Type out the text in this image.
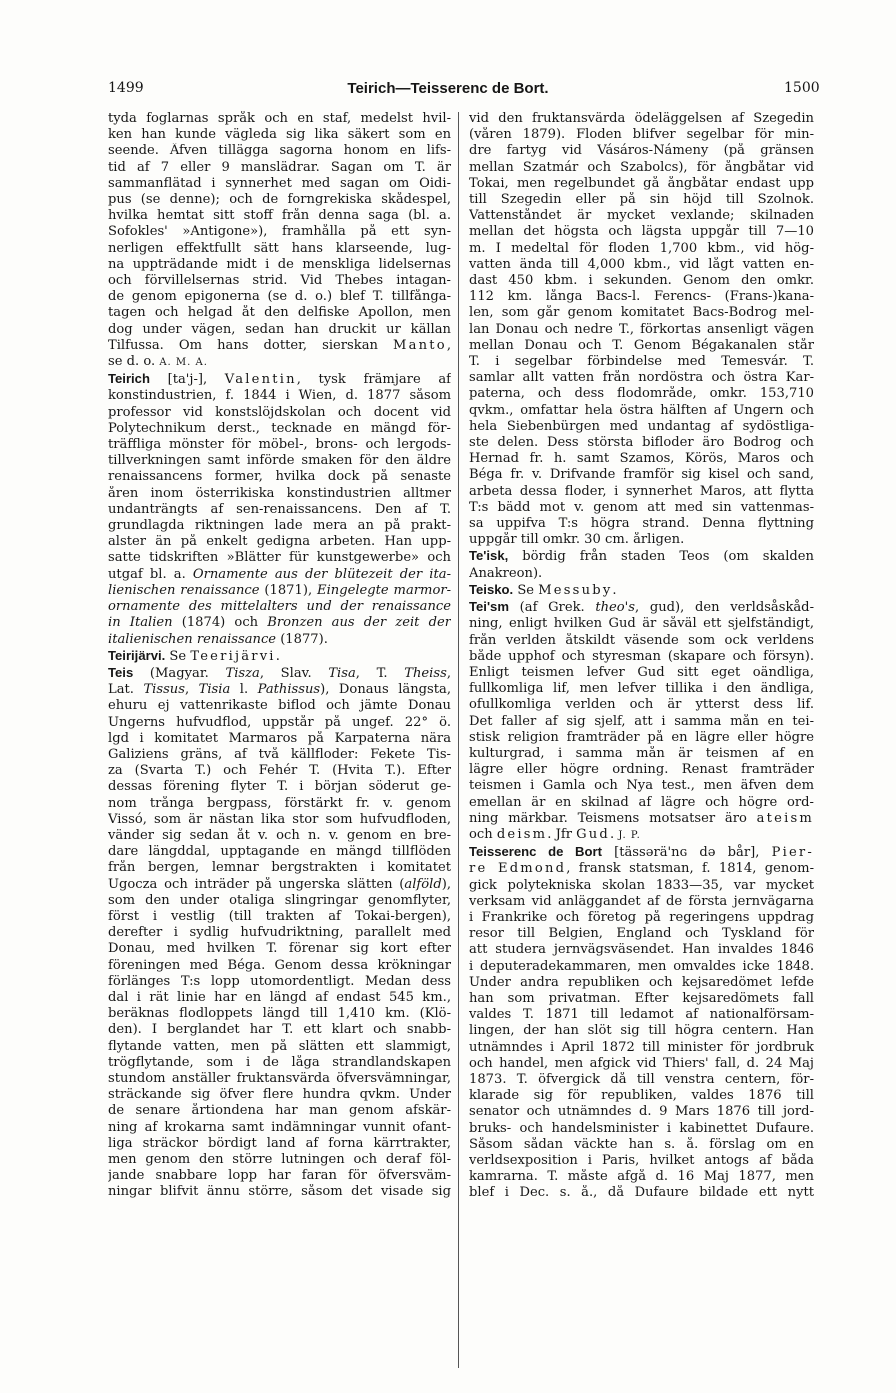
1499	Teirich—Teisserenc de Bort.	1500
tyda foglarnas språk och en staf, medelst hvil-
ken han kunde vägleda sig lika säkert som en
seende. Äfven tillägga sagorna honom en lifs-
tid af 7 eller 9 manslädrar. Sagan om T. är
sammanflätad i synnerhet med sagan om Oidi-
pus (se denne); och de forngrekiska skådespel,
hvilka hemtat sitt stoff från denna saga (bl. a.
Sofokles' »Antigone»), framhålla på ett syn-
nerligen effektfullt sätt hans klarseende, lug-
na uppträdande midt i de menskliga lidelsernas
och förvillelsernas strid. Vid Thebes intagan-
de genom epigonerna (se d. o.) blef T. tillfånga-
tagen och helgad åt den delfiske Apollon, men
dog under vägen, sedan han druckit ur källan
Tilfussa. Om hans dotter, sierskan Manto,
se d. o. A. M. A.
Teirich [ta'j-], Valentin, tysk främjare af
konstindustrien, f. 1844 i Wien, d. 1877 såsom
professor vid konstslöjdskolan och docent vid
Polytechnikum derst., tecknade en mängd för-
träffliga mönster för möbel-, brons- och lergods-
tillverkningen samt införde smaken för den äldre
renaissancens former, hvilka dock på senaste
åren inom österrikiska konstindustrien alltmer
undanträngts af sen-renaissancens. Den af T.
grundlagda riktningen lade mera an på prakt-
alster än på enkelt gedigna arbeten. Han upp-
satte tidskriften »Blätter für kunstgewerbe» och
utgaf bl. a. Ornamente aus der blütezeit der ita-
lienischen renaissance (1871), Eingelegte marmor-
ornamente des mittelalters und der renaissance
in Italien (1874) och Bronzen aus der zeit der
italienischen renaissance (1877).
Teirijärvi. Se Teerijärvi.
Teis (Magyar. Tisza, Slav. Tisa, T. Theiss,
Lat. Tissus, Tisia l. Pathissus), Donaus längsta,
ehuru ej vattenrikaste biflod och jämte Donau
Ungerns hufvudflod, uppstår på ungef. 22° ö.
lgd i komitatet Marmaros på Karpaterna nära
Galiziens gräns, af två källfloder: Fekete Tis-
za (Svarta T.) och Fehér T. (Hvita T.). Efter
dessas förening flyter T. i början söderut ge-
nom trånga bergpass, förstärkt fr. v. genom
Vissó, som är nästan lika stor som hufvudfloden,
vänder sig sedan åt v. och n. v. genom en bre-
dare längddal, upptagande en mängd tillflöden
från bergen, lemnar bergstrakten i komitatet
Ugocza och inträder på ungerska slätten (alföld),
som den under otaliga slingringar genomflyter,
först i vestlig (till trakten af Tokai-bergen),
derefter i sydlig hufvudriktning, parallelt med
Donau, med hvilken T. förenar sig kort efter
föreningen med Béga. Genom dessa krökningar
förlänges T:s lopp utomordentligt. Medan dess
dal i rät linie har en längd af endast 545 km.,
beräknas flodloppets längd till 1,410 km. (Klö-
den). I berglandet har T. ett klart och snabb-
flytande vatten, men på slätten ett slammigt,
trögflytande, som i de låga strandlandskapen
stundom anställer fruktansvärda öfversvämningar,
sträckande sig öfver flere hundra qvkm. Under
de senare årtiondena har man genom afskär-
ning af krokarna samt indämningar vunnit ofant-
liga sträckor bördigt land af forna kärrtrakter,
men genom den större lutningen och deraf föl-
jande snabbare lopp har faran för öfversväm-
ningar blifvit ännu större, såsom det visade sig
vid den fruktansvärda ödeläggelsen af Szegedin
(våren 1879). Floden blifver segelbar för min-
dre fartyg vid Vásáros-Námeny (på gränsen
mellan Szatmár och Szabolcs), för ångbåtar vid
Tokai, men regelbundet gå ångbåtar endast upp
till Szegedin eller på sin höjd till Szolnok.
Vattenståndet är mycket vexlande; skilnaden
mellan det högsta och lägsta uppgår till 7—10
m. I medeltal för floden 1,700 kbm., vid hög-
vatten ända till 4,000 kbm., vid lågt vatten en-
dast 450 kbm. i sekunden. Genom den omkr.
112 km. långa Bacs-l. Ferencs- (Frans-)kana-
len, som går genom komitatet Bacs-Bodrog mel-
lan Donau och nedre T., förkortas ansenligt vägen
mellan Donau och T. Genom Bégakanalen står
T. i segelbar förbindelse med Temesvár. T.
samlar allt vatten från nordöstra och östra Kar-
paterna, och dess flodområde, omkr. 153,710
qvkm., omfattar hela östra hälften af Ungern och
hela Siebenbürgen med undantag af sydöstliga-
ste delen. Dess största bifloder äro Bodrog och
Hernad fr. h. samt Szamos, Körös, Maros och
Béga fr. v. Drifvande framför sig kisel och sand,
arbeta dessa floder, i synnerhet Maros, att flytta
T:s bädd mot v. genom att med sin vattenmas-
sa uppifva T:s högra strand. Denna flyttning
uppgår till omkr. 30 cm. årligen.
Te'isk, bördig från staden Teos (om skalden
Anakreon).
Teisko. Se Messuby.
Tei'sm (af Grek. theo's, gud), den verldsåskåd-
ning, enligt hvilken Gud är såväl ett sjelfständigt,
från verlden åtskildt väsende som ock verldens
både upphof och styresman (skapare och försyn).
Enligt teismen lefver Gud sitt eget oändliga,
fullkomliga lif, men lefver tillika i den ändliga,
ofullkomliga verlden och är ytterst dess lif.
Det faller af sig sjelf, att i samma mån en tei-
stisk religion framträder på en lägre eller högre
kulturgrad, i samma mån är teismen af en
lägre eller högre ordning. Renast framträder
teismen i Gamla och Nya test., men äfven dem
emellan är en skilnad af lägre och högre ord-
ning märkbar. Teismens motsatser äro ateism
och deism. Jfr Gud. J. P.
Teisserenc de Bort [tässərä'nɢ də bår], Pier-
re Edmond, fransk statsman, f. 1814, genom-
gick polytekniska skolan 1833—35, var mycket
verksam vid anläggandet af de första jernvägarna
i Frankrike och företog på regeringens uppdrag
resor till Belgien, England och Tyskland för
att studera jernvägsväsendet. Han invaldes 1846
i deputeradekammaren, men omvaldes icke 1848.
Under andra republiken och kejsaredömet lefde
han som privatman. Efter kejsaredömets fall
valdes T. 1871 till ledamot af nationalförsam-
lingen, der han slöt sig till högra centern. Han
utnämndes i April 1872 till minister för jordbruk
och handel, men afgick vid Thiers' fall, d. 24 Maj
1873. T. öfvergick då till venstra centern, för-
klarade sig för republiken, valdes 1876 till
senator och utnämndes d. 9 Mars 1876 till jord-
bruks- och handelsminister i kabinettet Dufaure.
Såsom sådan väckte han s. å. förslag om en
verldsexposition i Paris, hvilket antogs af båda
kamrarna. T. måste afgå d. 16 Maj 1877, men
blef i Dec. s. å., då Dufaure bildade ett nytt
